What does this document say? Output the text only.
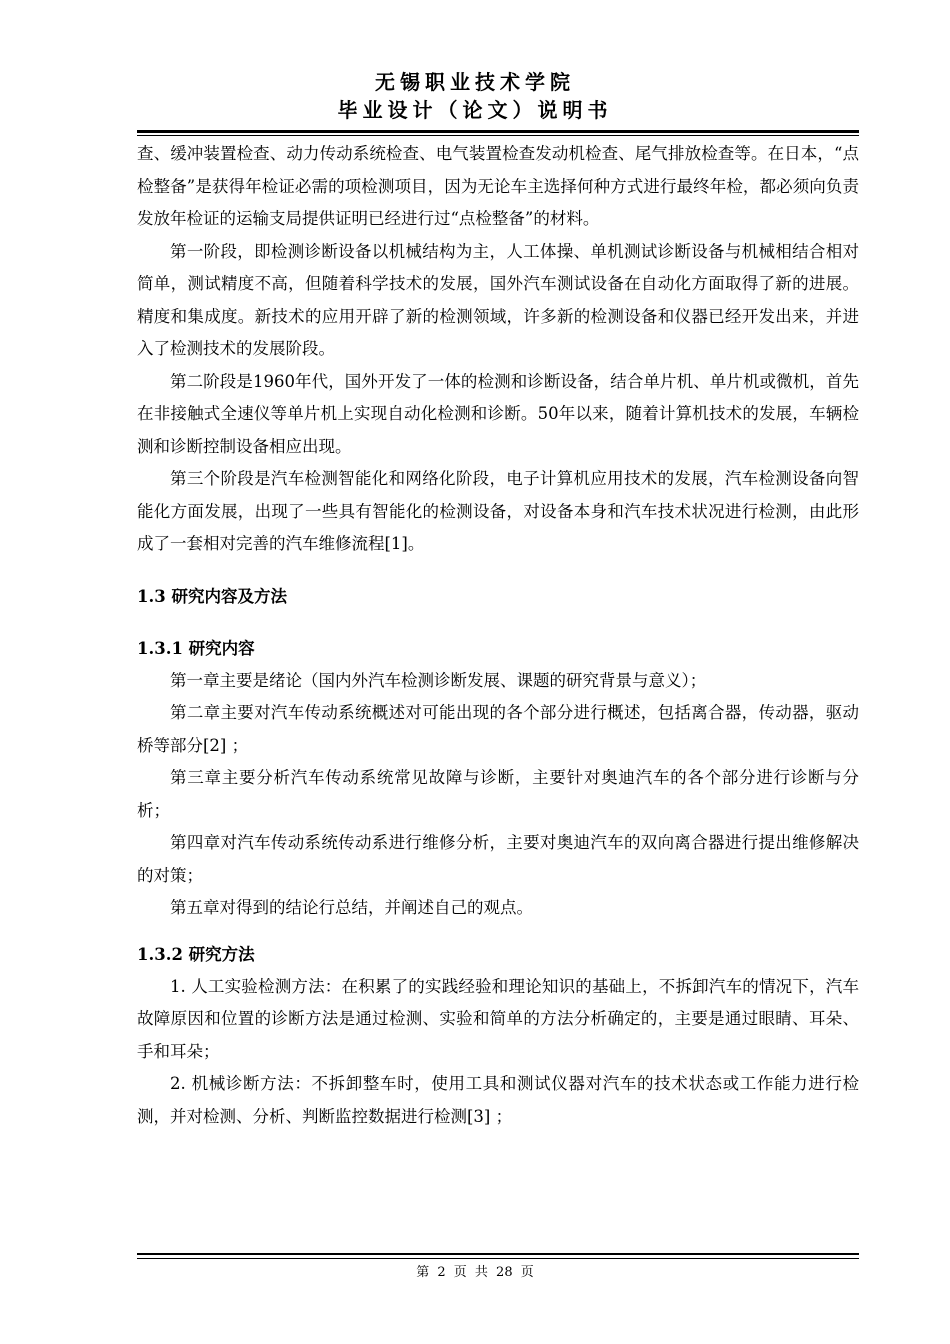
无锡职业技术学院
毕业设计（论文）说明书

查、缓冲装置检查、动力传动系统检查、电气装置检查发动机检查、尾气排放检查等。在日本，“点检整备”是获得年检证必需的项检测项目，因为无论车主选择何种方式进行最终年检，都必须向负责发放年检证的运输支局提供证明已经进行过“点检整备”的材料。

第一阶段，即检测诊断设备以机械结构为主，人工体操、单机测试诊断设备与机械相结合相对简单，测试精度不高，但随着科学技术的发展，国外汽车测试设备在自动化方面取得了新的进展。精度和集成度。新技术的应用开辟了新的检测领域，许多新的检测设备和仪器已经开发出来，并进入了检测技术的发展阶段。

第二阶段是1960年代，国外开发了一体的检测和诊断设备，结合单片机、单片机或微机，首先在非接触式全速仪等单片机上实现自动化检测和诊断。50年以来，随着计算机技术的发展，车辆检测和诊断控制设备相应出现。

第三个阶段是汽车检测智能化和网络化阶段，电子计算机应用技术的发展，汽车检测设备向智能化方面发展，出现了一些具有智能化的检测设备，对设备本身和汽车技术状况进行检测，由此形成了一套相对完善的汽车维修流程[1]。

1.3 研究内容及方法
1.3.1 研究内容

第一章主要是绪论（国内外汽车检测诊断发展、课题的研究背景与意义）；

第二章主要对汽车传动系统概述对可能出现的各个部分进行概述，包括离合器，传动器，驱动桥等部分[2] ；

第三章主要分析汽车传动系统常见故障与诊断，主要针对奥迪汽车的各个部分进行诊断与分析；

第四章对汽车传动系统传动系进行维修分析，主要对奥迪汽车的双向离合器进行提出维修解决的对策；

第五章对得到的结论行总结，并阐述自己的观点。

1.3.2 研究方法

1. 人工实验检测方法：在积累了的实践经验和理论知识的基础上，不拆卸汽车的情况下，汽车故障原因和位置的诊断方法是通过检测、实验和简单的方法分析确定的，主要是通过眼睛、耳朵、手和耳朵；

2. 机械诊断方法：不拆卸整车时，使用工具和测试仪器对汽车的技术状态或工作能力进行检测，并对检测、分析、判断监控数据进行检测[3] ；

第 2 页 共 28 页
